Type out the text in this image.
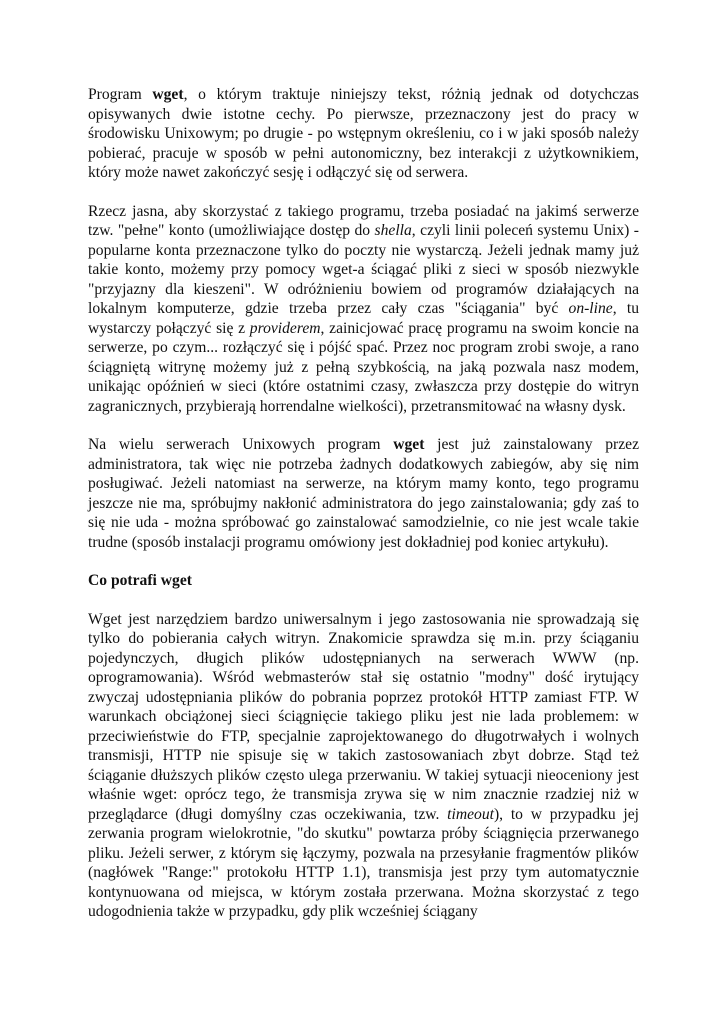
Program wget, o którym traktuje niniejszy tekst, różnią jednak od dotychczas opisywanych dwie istotne cechy. Po pierwsze, przeznaczony jest do pracy w środowisku Unixowym; po drugie - po wstępnym określeniu, co i w jaki sposób należy pobierać, pracuje w sposób w pełni autonomiczny, bez interakcji z użytkownikiem, który może nawet zakończyć sesję i odłączyć się od serwera.

Rzecz jasna, aby skorzystać z takiego programu, trzeba posiadać na jakimś serwerze tzw. "pełne" konto (umożliwiające dostęp do shella, czyli linii poleceń systemu Unix) - popularne konta przeznaczone tylko do poczty nie wystarczą. Jeżeli jednak mamy już takie konto, możemy przy pomocy wget-a ściągać pliki z sieci w sposób niezwykle "przyjazny dla kieszeni". W odróżnieniu bowiem od programów działających na lokalnym komputerze, gdzie trzeba przez cały czas "ściągania" być on-line, tu wystarczy połączyć się z providerem, zainicjować pracę programu na swoim koncie na serwerze, po czym... rozłączyć się i pójść spać. Przez noc program zrobi swoje, a rano ściągniętą witrynę możemy już z pełną szybkością, na jaką pozwala nasz modem, unikając opóźnień w sieci (które ostatnimi czasy, zwłaszcza przy dostępie do witryn zagranicznych, przybierają horrendalne wielkości), przetransmitować na własny dysk.

Na wielu serwerach Unixowych program wget jest już zainstalowany przez administratora, tak więc nie potrzeba żadnych dodatkowych zabiegów, aby się nim posługiwać. Jeżeli natomiast na serwerze, na którym mamy konto, tego programu jeszcze nie ma, spróbujmy nakłonić administratora do jego zainstalowania; gdy zaś to się nie uda - można spróbować go zainstalować samodzielnie, co nie jest wcale takie trudne (sposób instalacji programu omówiony jest dokładniej pod koniec artykułu).

Co potrafi wget

Wget jest narzędziem bardzo uniwersalnym i jego zastosowania nie sprowadzają się tylko do pobierania całych witryn. Znakomicie sprawdza się m.in. przy ściąganiu pojedynczych, długich plików udostępnianych na serwerach WWW (np. oprogramowania). Wśród webmasterów stał się ostatnio "modny" dość irytujący zwyczaj udostępniania plików do pobrania poprzez protokół HTTP zamiast FTP. W warunkach obciążonej sieci ściągnięcie takiego pliku jest nie lada problemem: w przeciwieństwie do FTP, specjalnie zaprojektowanego do długotrwałych i wolnych transmisji, HTTP nie spisuje się w takich zastosowaniach zbyt dobrze. Stąd też ściąganie dłuższych plików często ulega przerwaniu. W takiej sytuacji nieoceniony jest właśnie wget: oprócz tego, że transmisja zrywa się w nim znacznie rzadziej niż w przeglądarce (długi domyślny czas oczekiwania, tzw. timeout), to w przypadku jej zerwania program wielokrotnie, "do skutku" powtarza próby ściągnięcia przerwanego pliku. Jeżeli serwer, z którym się łączymy, pozwala na przesyłanie fragmentów plików (nagłówek "Range:" protokołu HTTP 1.1), transmisja jest przy tym automatycznie kontynuowana od miejsca, w którym została przerwana. Można skorzystać z tego udogodnienia także w przypadku, gdy plik wcześniej ściągany
